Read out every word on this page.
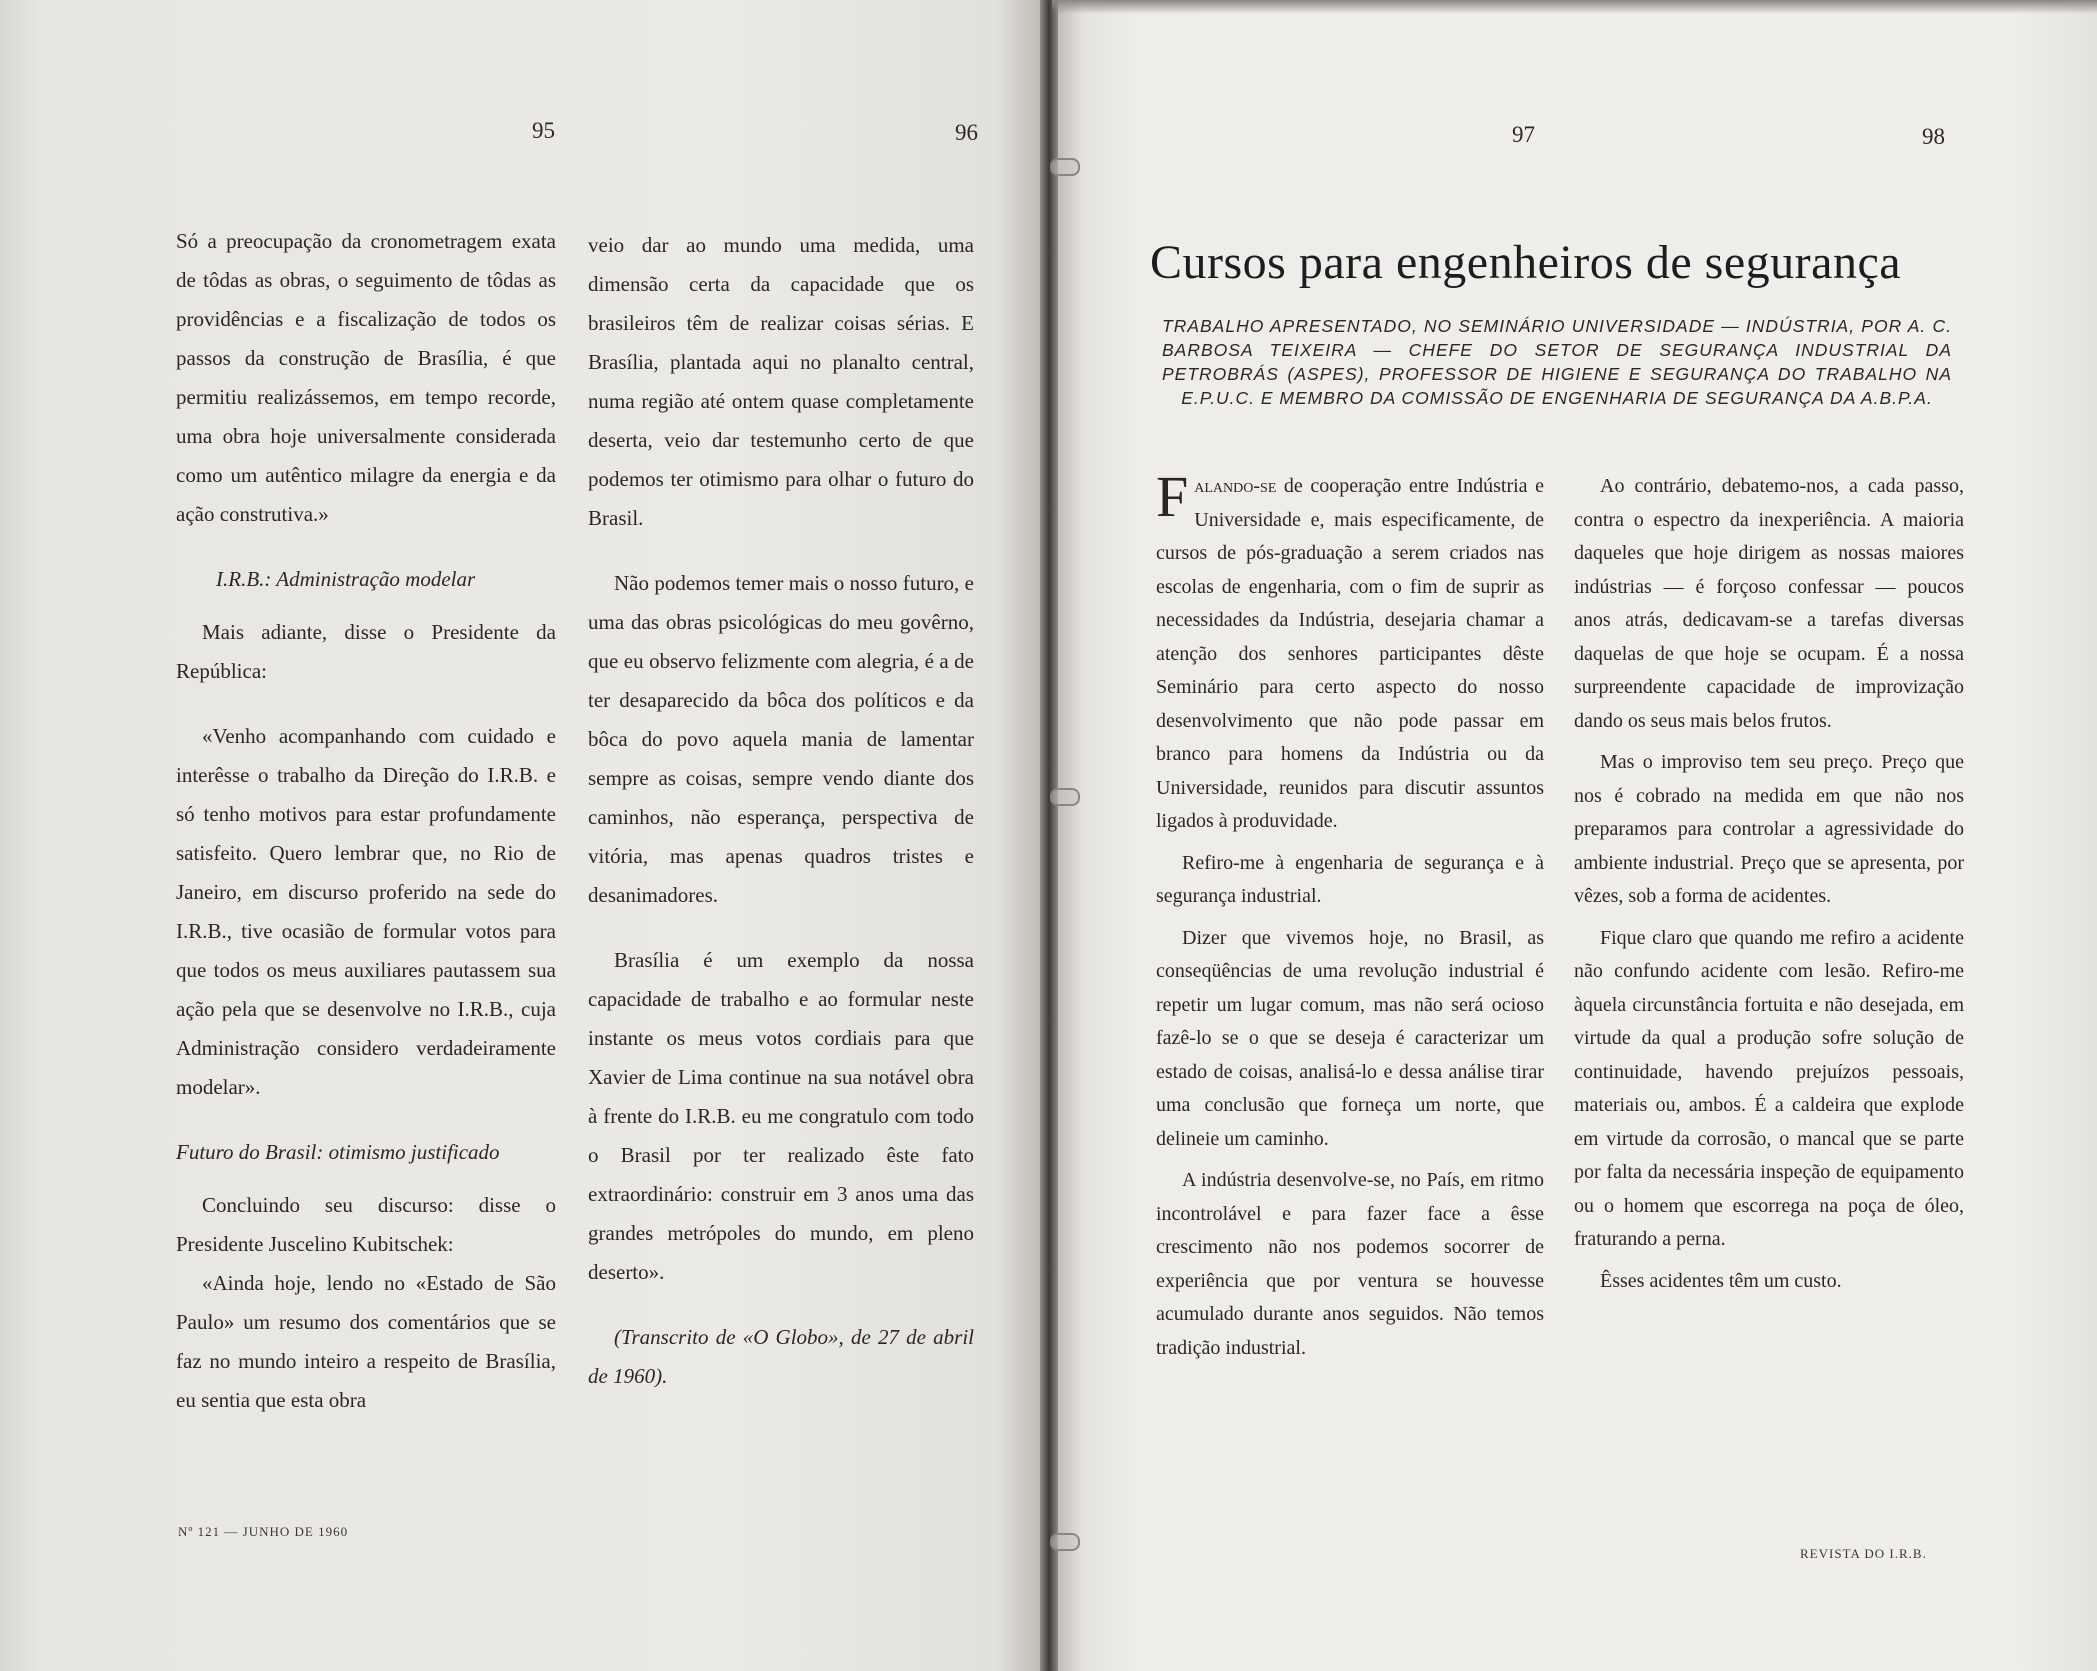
95	96

Só a preocupação da cronometragem exata de tôdas as obras, o seguimento de tôdas as providências e a fiscalização de todos os passos da construção de Brasília, é que permitiu realizássemos, em tempo recorde, uma obra hoje universalmente considerada como um autêntico milagre da energia e da ação construtiva.»

I.R.B.: Administração modelar

Mais adiante, disse o Presidente da República:

«Venho acompanhando com cuidado e interêsse o trabalho da Direção do I.R.B. e só tenho motivos para estar profundamente satisfeito. Quero lembrar que, no Rio de Janeiro, em discurso proferido na sede do I.R.B., tive ocasião de formular votos para que todos os meus auxiliares pautassem sua ação pela que se desenvolve no I.R.B., cuja Administração considero verdadeiramente modelar».

Futuro do Brasil: otimismo justificado

Concluindo seu discurso: disse o Presidente Juscelino Kubitschek:

«Ainda hoje, lendo no «Estado de São Paulo» um resumo dos comentários que se faz no mundo inteiro a respeito de Brasília, eu sentia que esta obra

veio dar ao mundo uma medida, uma dimensão certa da capacidade que os brasileiros têm de realizar coisas sérias. E Brasília, plantada aqui no planalto central, numa região até ontem quase completamente deserta, veio dar testemunho certo de que podemos ter otimismo para olhar o futuro do Brasil.

Não podemos temer mais o nosso futuro, e uma das obras psicológicas do meu govêrno, que eu observo felizmente com alegria, é a de ter desaparecido da bôca dos políticos e da bôca do povo aquela mania de lamentar sempre as coisas, sempre vendo diante dos caminhos, não esperança, perspectiva de vitória, mas apenas quadros tristes e desanimadores.

Brasília é um exemplo da nossa capacidade de trabalho e ao formular neste instante os meus votos cordiais para que Xavier de Lima continue na sua notável obra à frente do I.R.B. eu me congratulo com todo o Brasil por ter realizado êste fato extraordinário: construir em 3 anos uma das grandes metrópoles do mundo, em pleno deserto».

(Transcrito de «O Globo», de 27 de abril de 1960).

Nº 121 — JUNHO DE 1960
97	98
Cursos para engenheiros de segurança
TRABALHO APRESENTADO, NO SEMINÁRIO UNIVERSIDADE — INDÚSTRIA, POR A. C. BARBOSA TEIXEIRA — CHEFE DO SETOR DE SEGURANÇA INDUSTRIAL DA PETROBRÁS (ASPES), PROFESSOR DE HIGIENE E SEGURANÇA DO TRABALHO NA E.P.U.C. E MEMBRO DA COMISSÃO DE ENGENHARIA DE SEGURANÇA DA A.B.P.A.

Falando-se de cooperação entre Indústria e Universidade e, mais especificamente, de cursos de pós-graduação a serem criados nas escolas de engenharia, com o fim de suprir as necessidades da Indústria, desejaria chamar a atenção dos senhores participantes dêste Seminário para certo aspecto do nosso desenvolvimento que não pode passar em branco para homens da Indústria ou da Universidade, reunidos para discutir assuntos ligados à produvidade.

Refiro-me à engenharia de segurança e à segurança industrial.

Dizer que vivemos hoje, no Brasil, as conseqüências de uma revolução industrial é repetir um lugar comum, mas não será ocioso fazê-lo se o que se deseja é caracterizar um estado de coisas, analisá-lo e dessa análise tirar uma conclusão que forneça um norte, que delineie um caminho.

A indústria desenvolve-se, no País, em ritmo incontrolável e para fazer face a êsse crescimento não nos podemos socorrer de experiência que por ventura se houvesse acumulado durante anos seguidos. Não temos tradição industrial.

Ao contrário, debatemo-nos, a cada passo, contra o espectro da inexperiência. A maioria daqueles que hoje dirigem as nossas maiores indústrias — é forçoso confessar — poucos anos atrás, dedicavam-se a tarefas diversas daquelas de que hoje se ocupam. É a nossa surpreendente capacidade de improvização dando os seus mais belos frutos.

Mas o improviso tem seu preço. Preço que nos é cobrado na medida em que não nos preparamos para controlar a agressividade do ambiente industrial. Preço que se apresenta, por vêzes, sob a forma de acidentes.

Fique claro que quando me refiro a acidente não confundo acidente com lesão. Refiro-me àquela circunstância fortuita e não desejada, em virtude da qual a produção sofre solução de continuidade, havendo prejuízos pessoais, materiais ou, ambos. É a caldeira que explode em virtude da corrosão, o mancal que se parte por falta da necessária inspeção de equipamento ou o homem que escorrega na poça de óleo, fraturando a perna.

Êsses acidentes têm um custo.

REVISTA DO I.R.B.
